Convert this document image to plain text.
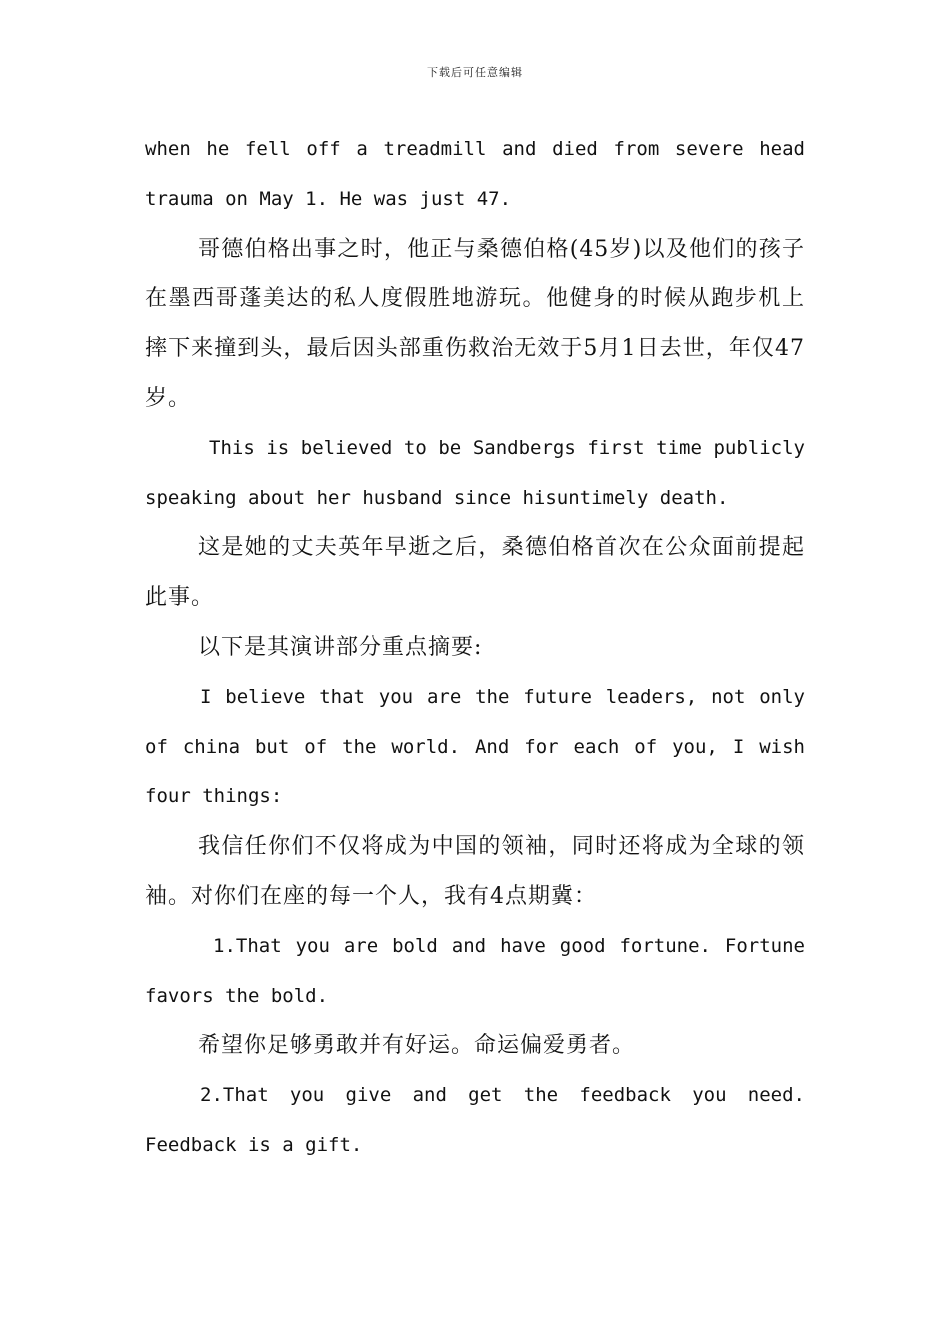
下载后可任意编辑

when he fell off a treadmill and died from severe head trauma on May 1. He was just 47.

哥德伯格出事之时，他正与桑德伯格(45岁)以及他们的孩子在墨西哥蓬美达的私人度假胜地游玩。他健身的时候从跑步机上摔下来撞到头，最后因头部重伤救治无效于5月1日去世，年仅47岁。

This is believed to be Sandbergs first time publicly speaking about her husband since hisuntimely death.

这是她的丈夫英年早逝之后，桑德伯格首次在公众面前提起此事。

以下是其演讲部分重点摘要:

I believe that you are the future leaders, not only of china but of the world. And for each of you, I wish four things:

我信任你们不仅将成为中国的领袖，同时还将成为全球的领袖。对你们在座的每一个人，我有4点期冀：

1.That you are bold and have good fortune. Fortune favors the bold.

希望你足够勇敢并有好运。命运偏爱勇者。

2.That you give and get the feedback you need. Feedback is a gift.
